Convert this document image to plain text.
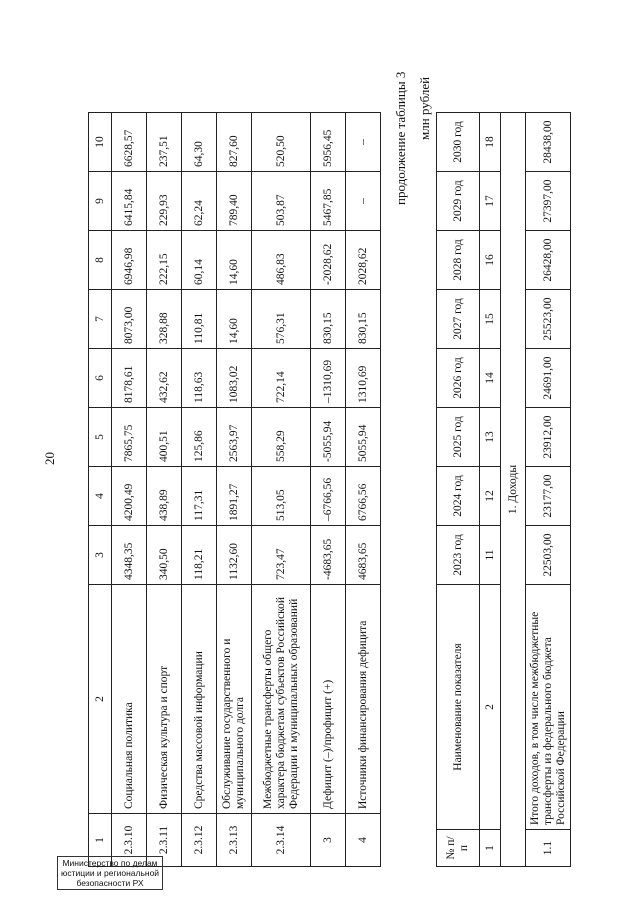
20
1	2	3	4	5	6	7	8	9	10
2.3.10	Социальная политика	4348,35	4200,49	7865,75	8178,61	8073,00	6946,98	6415,84	6628,57
2.3.11	Физическая культура и спорт	340,50	438,89	400,51	432,62	328,88	222,15	229,93	237,51
2.3.12	Средства массовой информации	118,21	117,31	125,86	118,63	110,81	60,14	62,24	64,30
2.3.13	Обслуживание государственного и муниципального долга	1132,60	1891,27	2563,97	1083,02	14,60	14,60	789,40	827,60
2.3.14	Межбюджетные трансферты общего характера бюджетам субъектов Российской Федерации и муниципальных образований	723,47	513,05	558,29	722,14	576,31	486,83	503,87	520,50
3	Дефицит (–)/профицит (+)	-4683,65	–6766,56	-5055,94	–1310,69	830,15	-2028,62	5467,85	5956,45
4	Источники финансирования дефицита	4683,65	6766,56	5055,94	1310,69	830,15	2028,62	–	– продолжение таблицы 3 млн рублей
№ п/п	Наименование показателя	2023 год	2024 год	2025 год	2026 год	2027 год	2028 год	2029 год	2030 год
1	2	11	12	13	14	15	16	17	18
1. Доходы									
1.1	Итого доходов, в том числе межбюджетные трансферты из федерального бюджета Российской Федерации	22503,00	23177,00	23912,00	24691,00	25523,00	26428,00	27397,00	28438,00
Министерство по делам
юстиции и региональной
безопасности РХ
